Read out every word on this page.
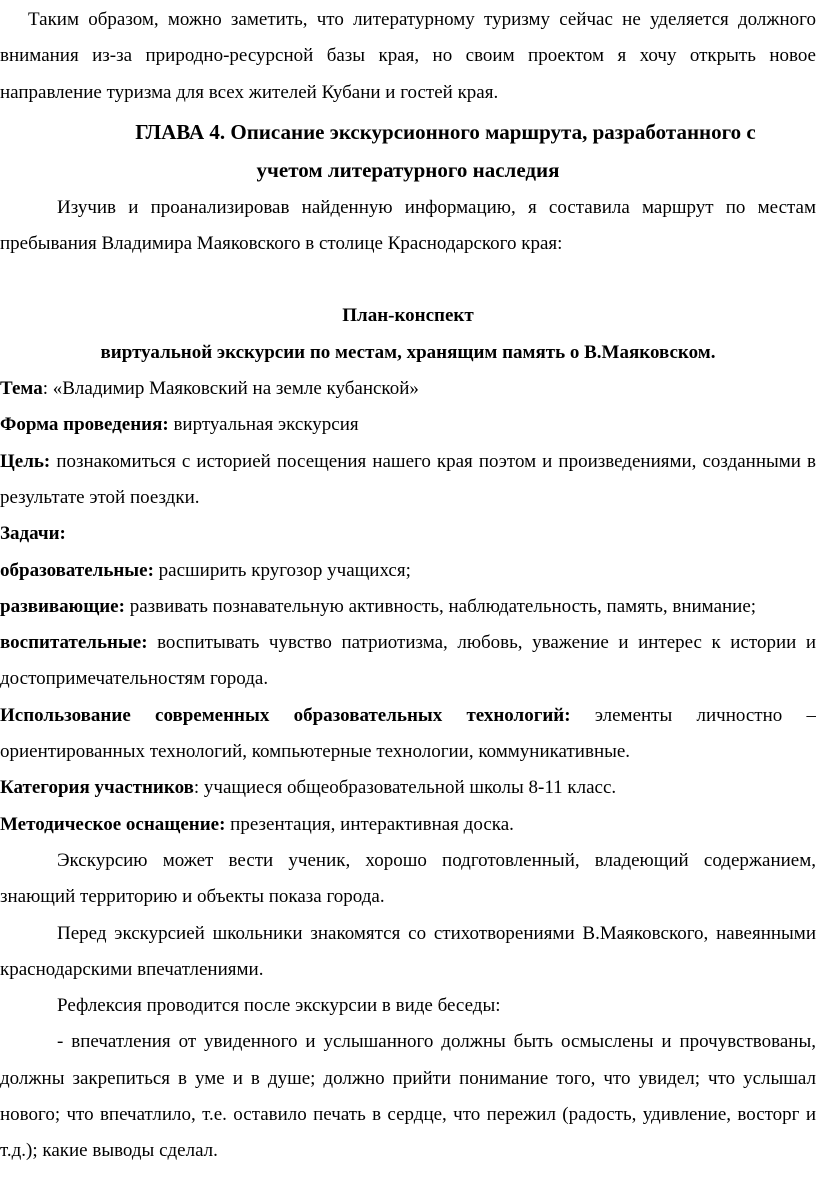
Таким образом, можно заметить, что литературному туризму сейчас не уделяется должного внимания из-за природно-ресурсной базы края, но своим проектом я хочу открыть новое направление туризма для всех жителей Кубани и гостей края.

ГЛАВА 4. Описание экскурсионного маршрута, разработанного с
учетом литературного наследия

Изучив и проанализировав найденную информацию, я составила маршрут по местам пребывания Владимира Маяковского в столице Краснодарского края:

План-конспект

виртуальной экскурсии по местам, хранящим память о В.Маяковском.

Тема: «Владимир Маяковский на земле кубанской»

Форма проведения: виртуальная экскурсия

Цель: познакомиться с историей посещения нашего края поэтом и произведениями, созданными в результате этой поездки.

Задачи:

образовательные: расширить кругозор учащихся;

развивающие: развивать познавательную активность, наблюдательность, память, внимание;

воспитательные: воспитывать чувство патриотизма, любовь, уважение и интерес к истории и достопримечательностям города.

Использование современных образовательных технологий: элементы личностно – ориентированных технологий, компьютерные технологии, коммуникативные.

Категория участников: учащиеся общеобразовательной школы 8-11 класс.

Методическое оснащение: презентация, интерактивная доска.

Экскурсию может вести ученик, хорошо подготовленный, владеющий содержанием, знающий территорию и объекты показа города.

Перед экскурсией школьники знакомятся со стихотворениями В.Маяковского, навеянными краснодарскими впечатлениями.

Рефлексия проводится после экскурсии в виде беседы:

- впечатления от увиденного и услышанного должны быть осмыслены и прочувствованы, должны закрепиться в уме и в душе; должно прийти понимание того, что увидел; что услышал нового; что впечатлило, т.е. оставило печать в сердце, что пережил (радость, удивление, восторг и т.д.); какие выводы сделал.
